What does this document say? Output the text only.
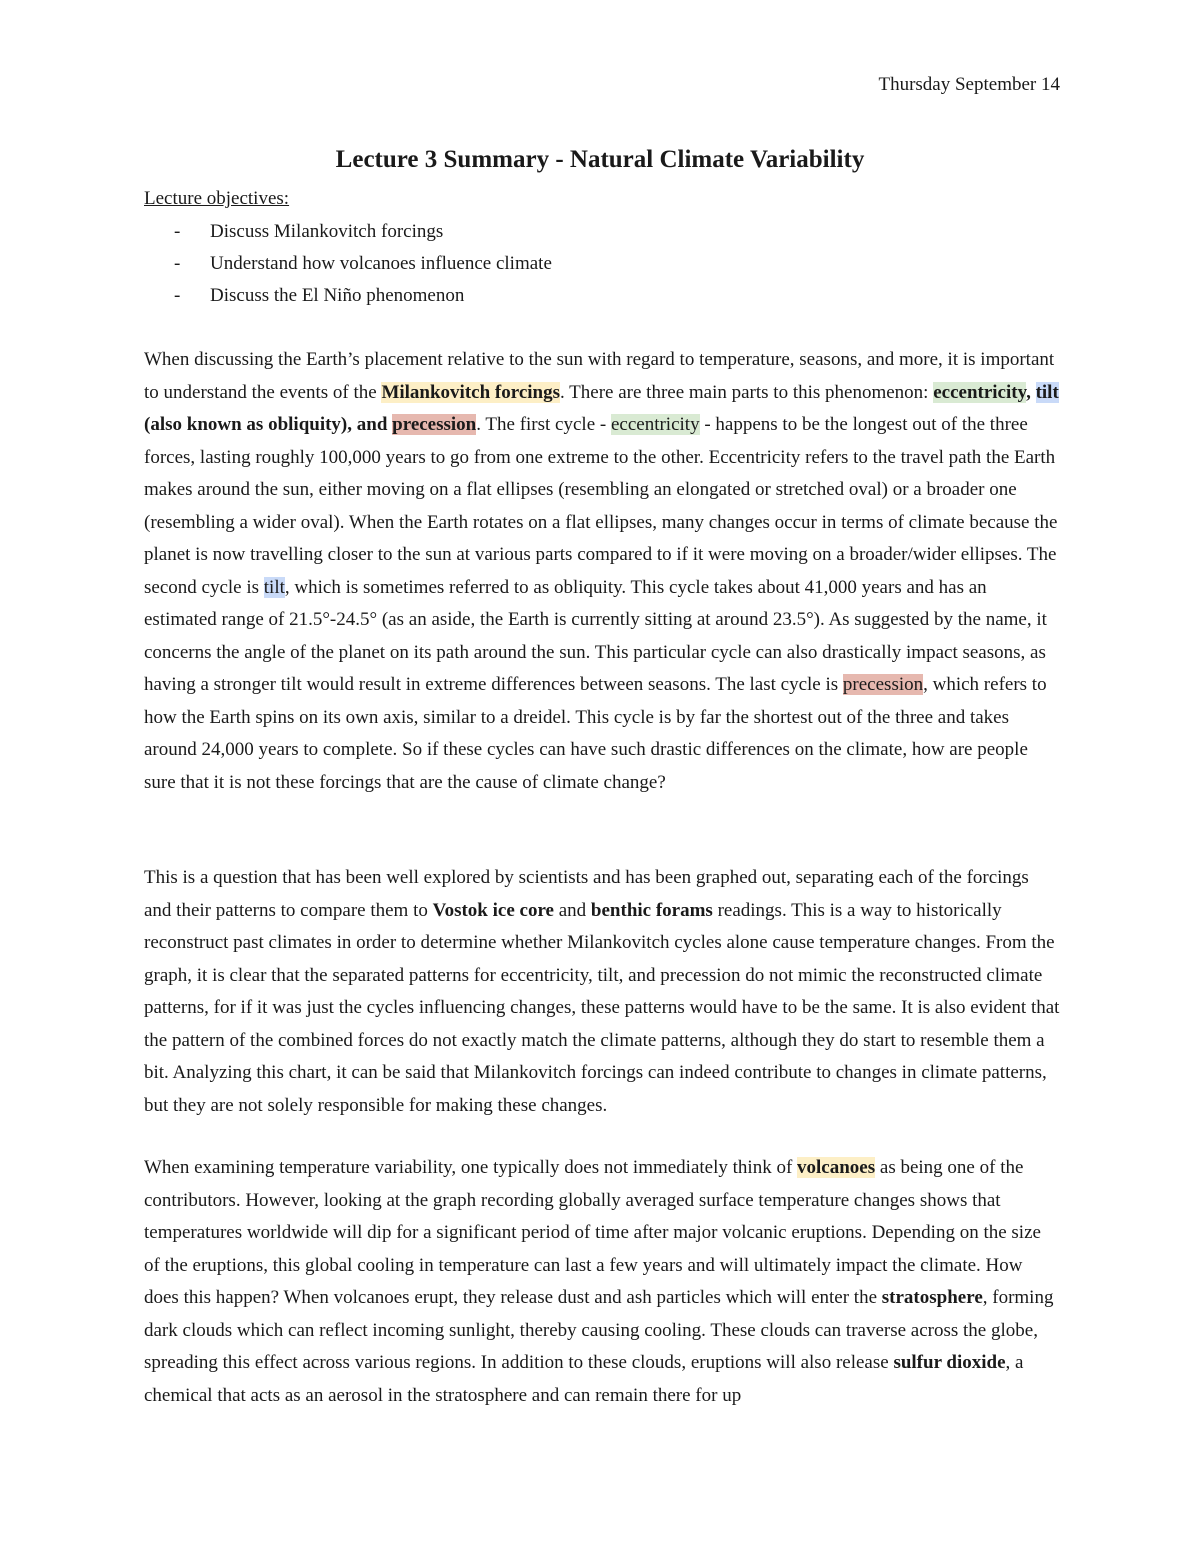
Thursday September 14
Lecture 3 Summary - Natural Climate Variability
Lecture objectives:
- Discuss Milankovitch forcings
- Understand how volcanoes influence climate
- Discuss the El Niño phenomenon

When discussing the Earth’s placement relative to the sun with regard to temperature, seasons, and more, it is important to understand the events of the Milankovitch forcings. There are three main parts to this phenomenon: eccentricity, tilt (also known as obliquity), and precession. The first cycle - eccentricity - happens to be the longest out of the three forces, lasting roughly 100,000 years to go from one extreme to the other. Eccentricity refers to the travel path the Earth makes around the sun, either moving on a flat ellipses (resembling an elongated or stretched oval) or a broader one (resembling a wider oval). When the Earth rotates on a flat ellipses, many changes occur in terms of climate because the planet is now travelling closer to the sun at various parts compared to if it were moving on a broader/wider ellipses. The second cycle is tilt, which is sometimes referred to as obliquity. This cycle takes about 41,000 years and has an estimated range of 21.5°-24.5° (as an aside, the Earth is currently sitting at around 23.5°). As suggested by the name, it concerns the angle of the planet on its path around the sun. This particular cycle can also drastically impact seasons, as having a stronger tilt would result in extreme differences between seasons. The last cycle is precession, which refers to how the Earth spins on its own axis, similar to a dreidel. This cycle is by far the shortest out of the three and takes around 24,000 years to complete. So if these cycles can have such drastic differences on the climate, how are people sure that it is not these forcings that are the cause of climate change?

This is a question that has been well explored by scientists and has been graphed out, separating each of the forcings and their patterns to compare them to Vostok ice core and benthic forams readings. This is a way to historically reconstruct past climates in order to determine whether Milankovitch cycles alone cause temperature changes. From the graph, it is clear that the separated patterns for eccentricity, tilt, and precession do not mimic the reconstructed climate patterns, for if it was just the cycles influencing changes, these patterns would have to be the same. It is also evident that the pattern of the combined forces do not exactly match the climate patterns, although they do start to resemble them a bit. Analyzing this chart, it can be said that Milankovitch forcings can indeed contribute to changes in climate patterns, but they are not solely responsible for making these changes.

When examining temperature variability, one typically does not immediately think of volcanoes as being one of the contributors. However, looking at the graph recording globally averaged surface temperature changes shows that temperatures worldwide will dip for a significant period of time after major volcanic eruptions. Depending on the size of the eruptions, this global cooling in temperature can last a few years and will ultimately impact the climate. How does this happen? When volcanoes erupt, they release dust and ash particles which will enter the stratosphere, forming dark clouds which can reflect incoming sunlight, thereby causing cooling. These clouds can traverse across the globe, spreading this effect across various regions. In addition to these clouds, eruptions will also release sulfur dioxide, a chemical that acts as an aerosol in the stratosphere and can remain there for up
